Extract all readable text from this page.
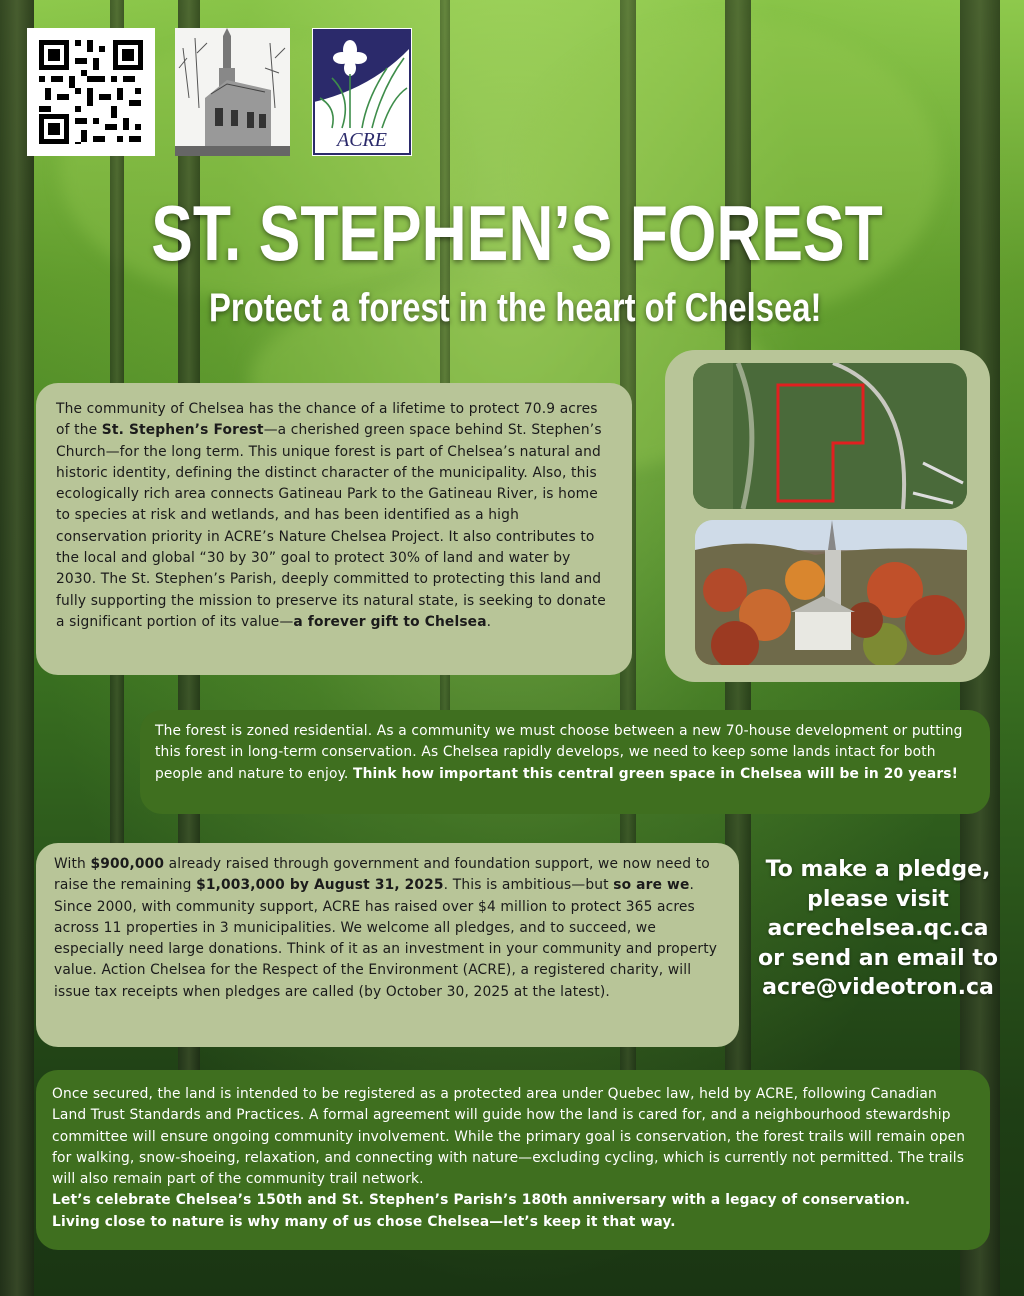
ACRE
ST. STEPHEN’S FOREST
Protect a forest in the heart of Chelsea!
The community of Chelsea has the chance of a lifetime to protect 70.9 acres of the St. Stephen’s Forest—a cherished green space behind St. Stephen’s Church—for the long term. This unique forest is part of Chelsea’s natural and historic identity, defining the distinct character of the municipality. Also, this ecologically rich area connects Gatineau Park to the Gatineau River, is home to species at risk and wetlands, and has been identified as a high conservation priority in ACRE’s Nature Chelsea Project. It also contributes to the local and global “30 by 30” goal to protect 30% of land and water by 2030. The St. Stephen’s Parish, deeply committed to protecting this land and fully supporting the mission to preserve its natural state, is seeking to donate a significant portion of its value—a forever gift to Chelsea.
The forest is zoned residential. As a community we must choose between a new 70-house development or putting this forest in long-term conservation. As Chelsea rapidly develops, we need to keep some lands intact for both people and nature to enjoy. Think how important this central green space in Chelsea will be in 20 years!
With $900,000 already raised through government and foundation support, we now need to raise the remaining $1,003,000 by August 31, 2025. This is ambitious—but so are we. Since 2000, with community support, ACRE has raised over $4 million to protect 365 acres across 11 properties in 3 municipalities. We welcome all pledges, and to succeed, we especially need large donations. Think of it as an investment in your community and property value. Action Chelsea for the Respect of the Environment (ACRE), a registered charity, will issue tax receipts when pledges are called (by October 30, 2025 at the latest).
To make a pledge,
please visit
acrechelsea.qc.ca
or send an email to
acre@videotron.ca
Once secured, the land is intended to be registered as a protected area under Quebec law, held by ACRE, following Canadian Land Trust Standards and Practices. A formal agreement will guide how the land is cared for, and a neighbourhood stewardship committee will ensure ongoing community involvement. While the primary goal is conservation, the forest trails will remain open for walking, snow-shoeing, relaxation, and connecting with nature—excluding cycling, which is currently not permitted. The trails will also remain part of the community trail network.
Let’s celebrate Chelsea’s 150th and St. Stephen’s Parish’s 180th anniversary with a legacy of conservation.
Living close to nature is why many of us chose Chelsea—let’s keep it that way.
